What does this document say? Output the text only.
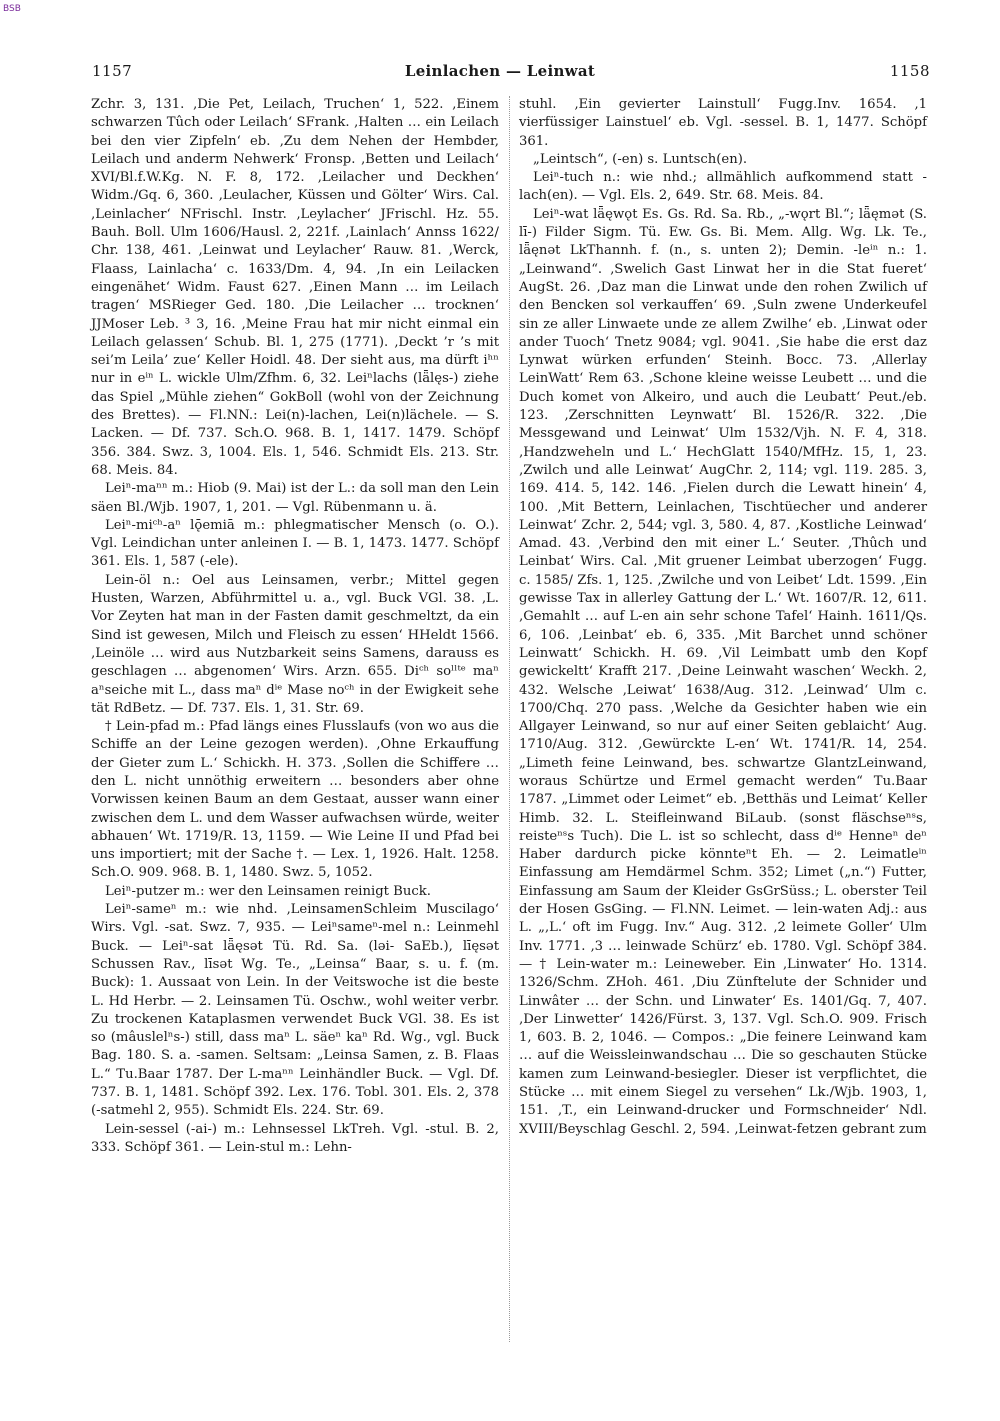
BSB
1157	Leinlachen — Leinwat	1158

Zchr. 3, 131. ‚Die Pet, Leilach, Truchen‘ 1, 522. ‚Einem schwarzen Tûch oder Leilach‘ SFrank. ‚Halten … ein Leilach bei den vier Zipfeln‘ eb. ‚Zu dem Nehen der Hembder, Leilach und anderm Nehwerk‘ Fronsp. ‚Betten und Leilach‘ XVI/Bl.f.W.Kg. N. F. 8, 172. ‚Leilacher und Deckhen‘ Widm./Gq. 6, 360. ‚Leulacher, Küssen und Gölter‘ Wirs. Cal. ‚Leinlacher‘ NFrischl. Instr. ‚Leylacher‘ JFrischl. Hz. 55. Bauh. Boll. Ulm 1606/Hausl. 2, 221f. ‚Lainlach‘ Annss 1622/ Chr. 138, 461. ‚Leinwat und Leylacher‘ Rauw. 81. ‚Werck, Flaass, Lainlacha‘ c. 1633/Dm. 4, 94. ‚In ein Leilacken eingenähet‘ Widm. Faust 627. ‚Einen Mann … im Leilach tragen‘ MSRieger Ged. 180. ‚Die Leilacher … trocknen‘ JJMoser Leb. ³ 3, 16. ‚Meine Frau hat mir nicht einmal ein Leilach gelassen‘ Schub. Bl. 1, 275 (1771). ‚Deckt ’r ’s mit sei’m Leila’ zue‘ Keller Hoidl. 48. Der sieht aus, ma dürft iʰⁿ nur in eⁱⁿ L. wickle Ulm/Zfhm. 6, 32. Leiⁿlachs (lǟlęs-) ziehe das Spiel „Mühle ziehen“ GokBoll (wohl von der Zeichnung des Brettes). — Fl.NN.: Lei(n)-lachen, Lei(n)lächele. — S. Lacken. — Df. 737. Sch.O. 968. B. 1, 1417. 1479. Schöpf 356. 384. Swz. 3, 1004. Els. 1, 546. Schmidt Els. 213. Str. 68. Meis. 84.

Leiⁿ-maⁿⁿ m.: Hiob (9. Mai) ist der L.: da soll man den Lein säen Bl./Wjb. 1907, 1, 201. — Vgl. Rübenmann u. ä.

Leiⁿ-miᶜʰ-aⁿ lǭemiā m.: phlegmatischer Mensch (o. O.). Vgl. Leindichan unter anleinen I. — B. 1, 1473. 1477. Schöpf 361. Els. 1, 587 (-ele).

Lein-öl n.: Oel aus Leinsamen, verbr.; Mittel gegen Husten, Warzen, Abführmittel u. a., vgl. Buck VGl. 38. ‚L. Vor Zeyten hat man in der Fasten damit geschmeltzt, da ein Sind ist gewesen, Milch und Fleisch zu essen‘ HHeldt 1566. ‚Leinöle … wird aus Nutzbarkeit seins Samens, darauss es geschlagen … abgenomen‘ Wirs. Arzn. 655. Diᶜʰ soˡˡᵗᵉ maⁿ aⁿseiche mit L., dass maⁿ dⁱᵉ Mase noᶜʰ in der Ewigkeit sehe tät RdBetz. — Df. 737. Els. 1, 31. Str. 69.

† Lein-pfad m.: Pfad längs eines Flusslaufs (von wo aus die Schiffe an der Leine gezogen werden). ‚Ohne Erkauffung der Gieter zum L.‘ Schickh. H. 373. ‚Sollen die Schiffere … den L. nicht unnöthig erweitern … besonders aber ohne Vorwissen keinen Baum an dem Gestaat, ausser wann einer zwischen dem L. und dem Wasser aufwachsen würde, weiter abhauen‘ Wt. 1719/R. 13, 1159. — Wie Leine II und Pfad bei uns importiert; mit der Sache †. — Lex. 1, 1926. Halt. 1258. Sch.O. 909. 968. B. 1, 1480. Swz. 5, 1052.

Leiⁿ-putzer m.: wer den Leinsamen reinigt Buck.

Leiⁿ-sameⁿ m.: wie nhd. ‚LeinsamenSchleim Muscilago‘ Wirs. Vgl. -sat. Swz. 7, 935. — Leiⁿsameⁿ-mel n.: Leinmehl Buck. — Leiⁿ-sat lǟęsət Tü. Rd. Sa. (ləi- SaEb.), līęsət Schussen Rav., līsət Wg. Te., „Leinsa“ Baar, s. u. f. (m. Buck): 1. Aussaat von Lein. In der Veitswoche ist die beste L. Hd Herbr. — 2. Leinsamen Tü. Oschw., wohl weiter verbr. Zu trockenen Kataplasmen verwendet Buck VGl. 38. Es ist so (mâuslelⁿs-) still, dass maⁿ L. säeⁿ kaⁿ Rd. Wg., vgl. Buck Bag. 180. S. a. -samen. Seltsam: „Leinsa Samen, z. B. Flaas L.“ Tu.Baar 1787. Der L-maⁿⁿ Leinhändler Buck. — Vgl. Df. 737. B. 1, 1481. Schöpf 392. Lex. 176. Tobl. 301. Els. 2, 378 (-satmehl 2, 955). Schmidt Els. 224. Str. 69.

Lein-sessel (-ai-) m.: Lehnsessel LkTreh. Vgl. -stul. B. 2, 333. Schöpf 361. — Lein-stul m.: Lehn-

stuhl. ‚Ein gevierter Lainstull‘ Fugg.Inv. 1654. ‚1 vierfüssiger Lainstuel‘ eb. Vgl. -sessel. B. 1, 1477. Schöpf 361.

„Leintsch“, (-en) s. Luntsch(en).

Leiⁿ-tuch n.: wie nhd.; allmählich aufkommend statt -lach(en). — Vgl. Els. 2, 649. Str. 68. Meis. 84.

Leiⁿ-wat lǟęwǫt Es. Gs. Rd. Sa. Rb., „-wǫrt Bl.“; lǟęmət (S. lī-) Filder Sigm. Tü. Ew. Gs. Bi. Mem. Allg. Wg. Lk. Te., lǟęnət LkThannh. f. (n., s. unten 2); Demin. -leⁱⁿ n.: 1. „Leinwand“. ‚Swelich Gast Linwat her in die Stat fueret‘ AugSt. 26. ‚Daz man die Linwat unde den rohen Zwilich uf den Bencken sol verkauffen‘ 69. ‚Suln zwene Underkeufel sin ze aller Linwaete unde ze allem Zwilhe‘ eb. ‚Linwat oder ander Tuoch‘ Tnetz 9084; vgl. 9041. ‚Sie habe die erst daz Lynwat würken erfunden‘ Steinh. Bocc. 73. ‚Allerlay LeinWatt‘ Rem 63. ‚Schone kleine weisse Leubett … und die Duch komet von Alkeiro, und auch die Leubatt‘ Peut./eb. 123. ‚Zerschnitten Leynwatt‘ Bl. 1526/R. 322. ‚Die Messgewand und Leinwat‘ Ulm 1532/Vjh. N. F. 4, 318. ‚Handzweheln und L.‘ HechGlatt 1540/MfHz. 15, 1, 23. ‚Zwilch und alle Leinwat‘ AugChr. 2, 114; vgl. 119. 285. 3, 169. 414. 5, 142. 146. ‚Fielen durch die Lewatt hinein‘ 4, 100. ‚Mit Bettern, Leinlachen, Tischtüecher und anderer Leinwat‘ Zchr. 2, 544; vgl. 3, 580. 4, 87. ‚Kostliche Leinwad‘ Amad. 43. ‚Verbind den mit einer L.‘ Seuter. ‚Thûch und Leinbat‘ Wirs. Cal. ‚Mit gruener Leimbat uberzogen‘ Fugg. c. 1585/ Zfs. 1, 125. ‚Zwilche und von Leibet‘ Ldt. 1599. ‚Ein gewisse Tax in allerley Gattung der L.‘ Wt. 1607/R. 12, 611. ‚Gemahlt … auf L-en ain sehr schone Tafel‘ Hainh. 1611/Qs. 6, 106. ‚Leinbat‘ eb. 6, 335. ‚Mit Barchet unnd schöner Leinwatt‘ Schickh. H. 69. ‚Vil Leimbatt umb den Kopf gewickeltt‘ Krafft 217. ‚Deine Leinwaht waschen‘ Weckh. 2, 432. Welsche ‚Leiwat‘ 1638/Aug. 312. ‚Leinwad‘ Ulm c. 1700/Chq. 270 pass. ‚Welche da Gesichter haben wie ein Allgayer Leinwand, so nur auf einer Seiten geblaicht‘ Aug. 1710/Aug. 312. ‚Gewürckte L-en‘ Wt. 1741/R. 14, 254. „Limeth feine Leinwand, bes. schwartze GlantzLeinwand, woraus Schürtze und Ermel gemacht werden“ Tu.Baar 1787. „Limmet oder Leimet“ eb. ‚Betthäs und Leimat‘ Keller Himb. 32. L. Steifleinwand BiLaub. (sonst fläschseⁿˢs, reisteⁿˢs Tuch). Die L. ist so schlecht, dass dⁱᵉ Henneⁿ deⁿ Haber dardurch picke könnteⁿt Eh. — 2. Leimatleⁱⁿ Einfassung am Hemdärmel Schm. 352; Limet („n.“) Futter, Einfassung am Saum der Kleider GsGrSüss.; L. oberster Teil der Hosen GsGing. — Fl.NN. Leimet. — lein-waten Adj.: aus L. „‚L.‘ oft im Fugg. Inv.“ Aug. 312. ‚2 leimete Goller‘ Ulm Inv. 1771. ‚3 … leinwade Schürz‘ eb. 1780. Vgl. Schöpf 384. — † Lein-water m.: Leineweber. Ein ‚Linwater‘ Ho. 1314. 1326/Schm. ZHoh. 461. ‚Diu Zünftelute der Schnider und Linwâter … der Schn. und Linwater‘ Es. 1401/Gq. 7, 407. ‚Der Linwetter‘ 1426/Fürst. 3, 137. Vgl. Sch.O. 909. Frisch 1, 603. B. 2, 1046. — Compos.: „Die feinere Leinwand kam … auf die Weissleinwandschau … Die so geschauten Stücke kamen zum Leinwand-besiegler. Dieser ist verpflichtet, die Stücke … mit einem Siegel zu versehen“ Lk./Wjb. 1903, 1, 151. ‚T., ein Leinwand-drucker und Formschneider‘ Ndl. XVIII/Beyschlag Geschl. 2, 594. ‚Leinwat-fetzen gebrant zum
